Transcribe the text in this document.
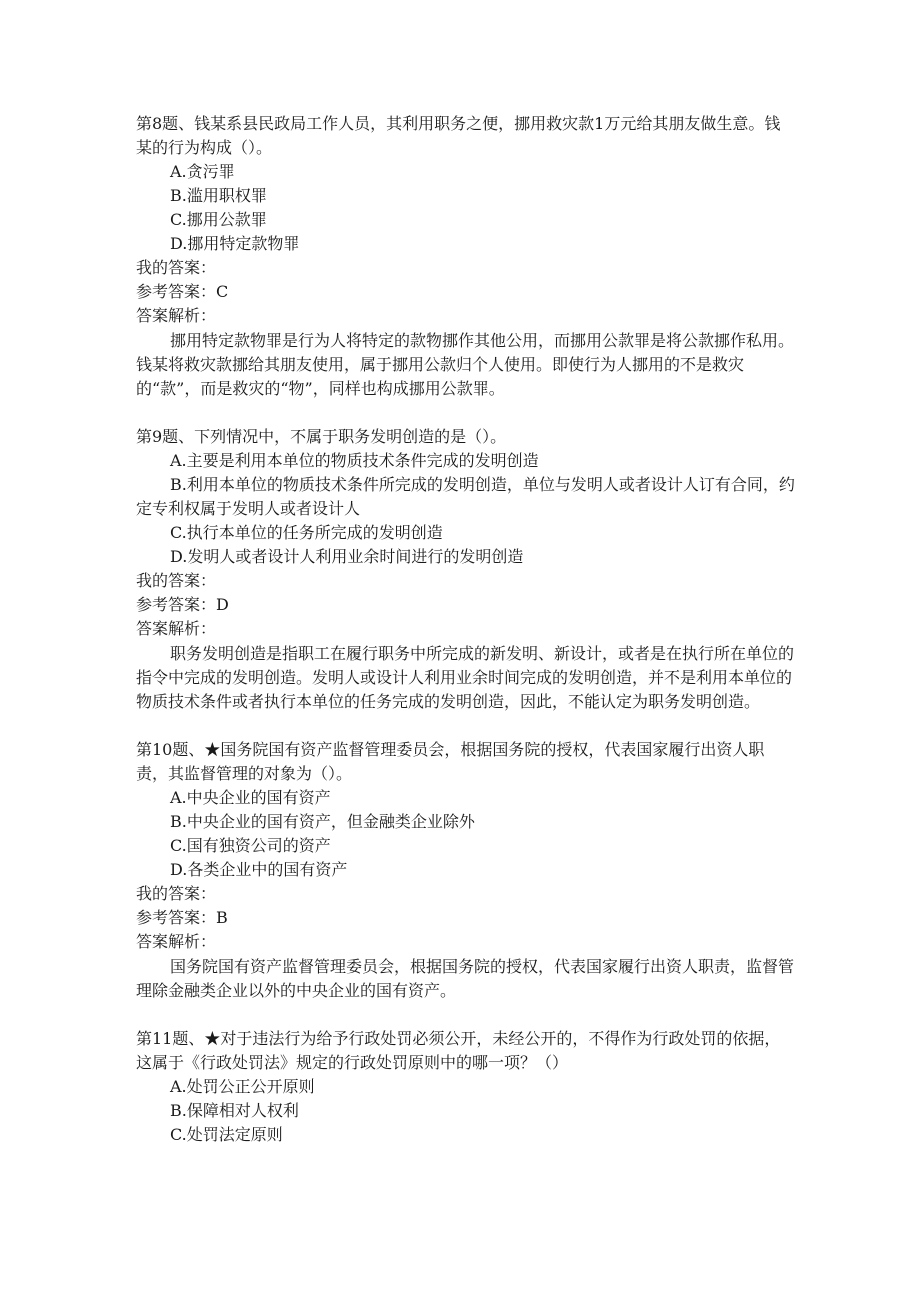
第8题、钱某系县民政局工作人员，其利用职务之便，挪用救灾款1万元给其朋友做生意。钱某的行为构成（）。
A.贪污罪
B.滥用职权罪
C.挪用公款罪
D.挪用特定款物罪
我的答案：
参考答案：C
答案解析：
挪用特定款物罪是行为人将特定的款物挪作其他公用，而挪用公款罪是将公款挪作私用。钱某将救灾款挪给其朋友使用，属于挪用公款归个人使用。即使行为人挪用的不是救灾的“款”，而是救灾的“物”，同样也构成挪用公款罪。
第9题、下列情况中，不属于职务发明创造的是（）。
A.主要是利用本单位的物质技术条件完成的发明创造
B.利用本单位的物质技术条件所完成的发明创造，单位与发明人或者设计人订有合同，约定专利权属于发明人或者设计人
C.执行本单位的任务所完成的发明创造
D.发明人或者设计人利用业余时间进行的发明创造
我的答案：
参考答案：D
答案解析：
职务发明创造是指职工在履行职务中所完成的新发明、新设计，或者是在执行所在单位的指令中完成的发明创造。发明人或设计人利用业余时间完成的发明创造，并不是利用本单位的物质技术条件或者执行本单位的任务完成的发明创造，因此，不能认定为职务发明创造。
第10题、★国务院国有资产监督管理委员会，根据国务院的授权，代表国家履行出资人职责，其监督管理的对象为（）。
A.中央企业的国有资产
B.中央企业的国有资产，但金融类企业除外
C.国有独资公司的资产
D.各类企业中的国有资产
我的答案：
参考答案：B
答案解析：
国务院国有资产监督管理委员会，根据国务院的授权，代表国家履行出资人职责，监督管理除金融类企业以外的中央企业的国有资产。
第11题、★对于违法行为给予行政处罚必须公开，未经公开的，不得作为行政处罚的依据，这属于《行政处罚法》规定的行政处罚原则中的哪一项？（）
A.处罚公正公开原则
B.保障相对人权利
C.处罚法定原则
